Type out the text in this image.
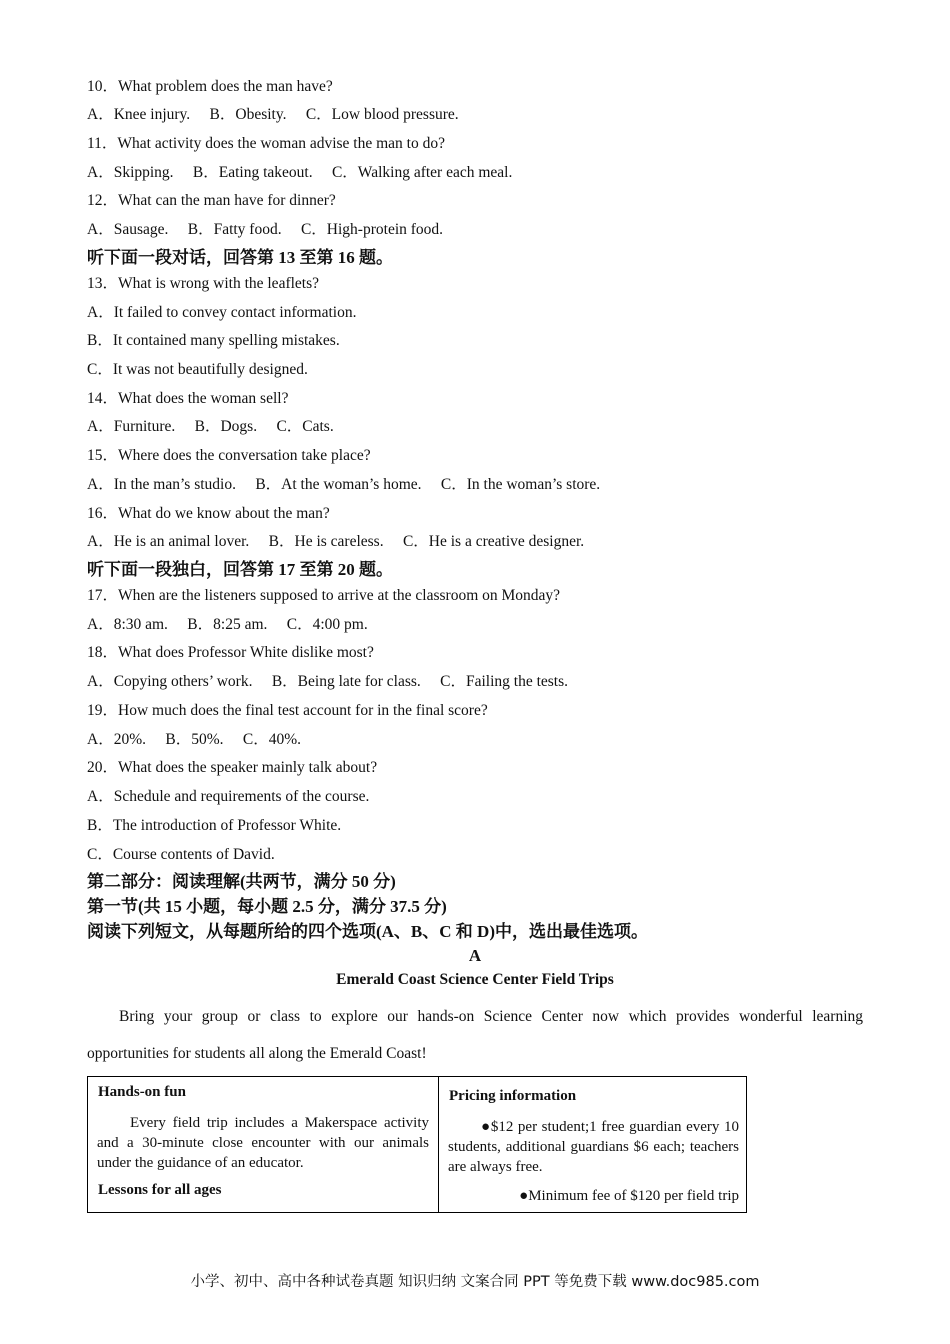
10．What problem does the man have?
A．Knee injury.　 B．Obesity.　 C．Low blood pressure.
11．What activity does the woman advise the man to do?
A．Skipping.　 B．Eating takeout.　 C．Walking after each meal.
12．What can the man have for dinner?
A．Sausage.　 B．Fatty food.　 C．High-protein food.
听下面一段对话，回答第 13 至第 16 题。
13．What is wrong with the leaflets?
A．It failed to convey contact information.
B．It contained many spelling mistakes.
C．It was not beautifully designed.
14．What does the woman sell?
A．Furniture.　 B．Dogs.　 C．Cats.
15．Where does the conversation take place?
A．In the man’s studio.　 B．At the woman’s home.　 C．In the woman’s store.
16．What do we know about the man?
A．He is an animal lover.　 B．He is careless.　 C．He is a creative designer.
听下面一段独白，回答第 17 至第 20 题。
17．When are the listeners supposed to arrive at the classroom on Monday?
A．8:30 am.　 B．8:25 am.　 C．4:00 pm.
18．What does Professor White dislike most?
A．Copying others’ work.　 B．Being late for class.　 C．Failing the tests.
19．How much does the final test account for in the final score?
A．20%.　 B．50%.　 C．40%.
20．What does the speaker mainly talk about?
A．Schedule and requirements of the course.
B．The introduction of Professor White.
C．Course contents of David.
第二部分：阅读理解(共两节，满分 50 分)
第一节(共 15 小题，每小题 2.5 分，满分 37.5 分)
阅读下列短文，从每题所给的四个选项(A、B、C 和 D)中，选出最佳选项。
A
Emerald Coast Science Center Field Trips
Bring your group or class to explore our hands-on Science Center now which provides wonderful learning
opportunities for students all along the Emerald Coast!
Hands-on fun
Every field trip includes a Makerspace activity and a 30-minute close encounter with our animals under the guidance of an educator.
Lessons for all ages
Pricing information
●$12 per student;1 free guardian every 10 students, additional guardians $6 each; teachers are always free.
●Minimum fee of $120 per field trip
小学、初中、高中各种试卷真题 知识归纳 文案合同 PPT 等免费下载 www.doc985.com
